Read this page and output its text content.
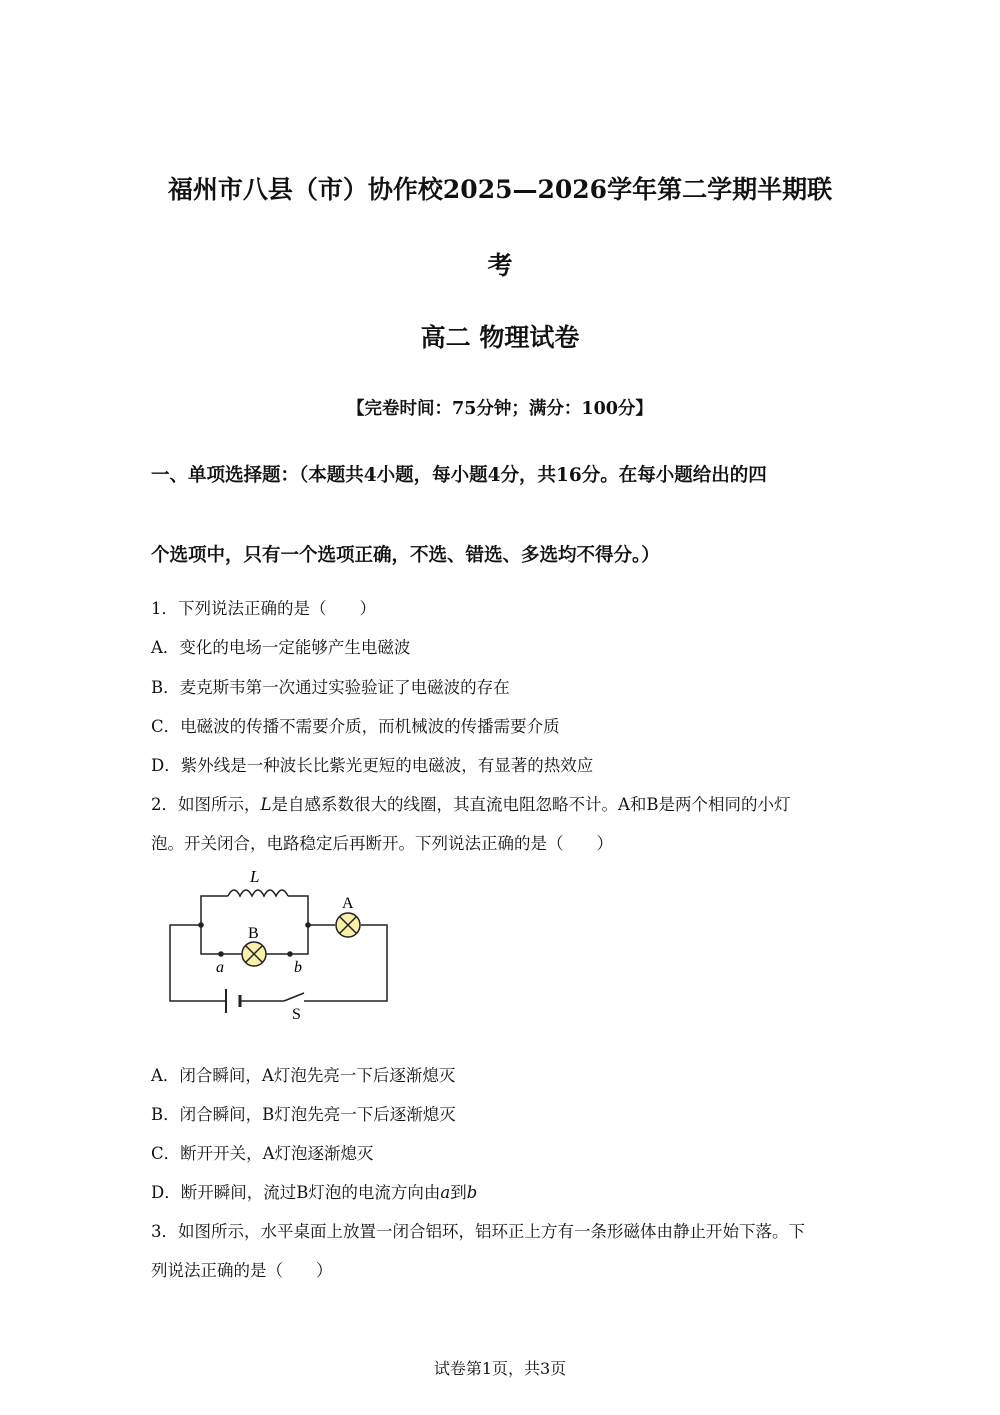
福州市八县（市）协作校2025—2026学年第二学期半期联
考
高二 物理试卷
【完卷时间：75分钟；满分：100分】
一、单项选择题：（本题共4小题，每小题4分，共16分。在每小题给出的四
个选项中，只有一个选项正确，不选、错选、多选均不得分。）
1．下列说法正确的是（　　）
A．变化的电场一定能够产生电磁波
B．麦克斯韦第一次通过实验验证了电磁波的存在
C．电磁波的传播不需要介质，而机械波的传播需要介质
D．紫外线是一种波长比紫光更短的电磁波，有显著的热效应
2．如图所示，L是自感系数很大的线圈，其直流电阻忽略不计。A和B是两个相同的小灯
泡。开关闭合，电路稳定后再断开。下列说法正确的是（　　）
L
A
B
a	b
S
A．闭合瞬间，A灯泡先亮一下后逐渐熄灭
B．闭合瞬间，B灯泡先亮一下后逐渐熄灭
C．断开开关，A灯泡逐渐熄灭
D．断开瞬间，流过B灯泡的电流方向由a到b
3．如图所示，水平桌面上放置一闭合铝环，铝环正上方有一条形磁体由静止开始下落。下
列说法正确的是（　　）
试卷第1页，共3页
